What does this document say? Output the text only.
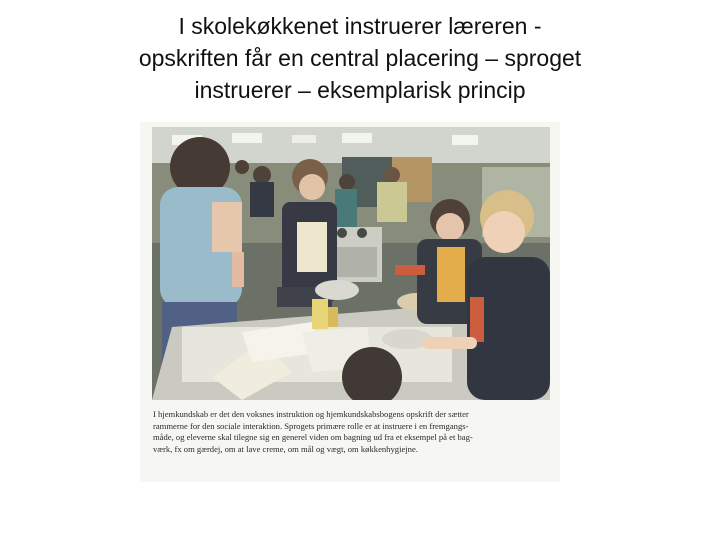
I skolekøkkenet instruerer læreren -
opskriften får en central placering – sproget
instruerer – eksemplarisk princip
I hjemkundskab er det den voksnes instruktion og hjemkundskabsbogens opskrift der sætter
rammerne for den sociale interaktion. Sprogets primære rolle er at instruere i en fremgangs-
måde, og eleverne skal tilegne sig en generel viden om bagning ud fra et eksempel på et bag-
værk, fx om gærdej, om at lave creme, om mål og vægt, om køkkenhygiejne.
